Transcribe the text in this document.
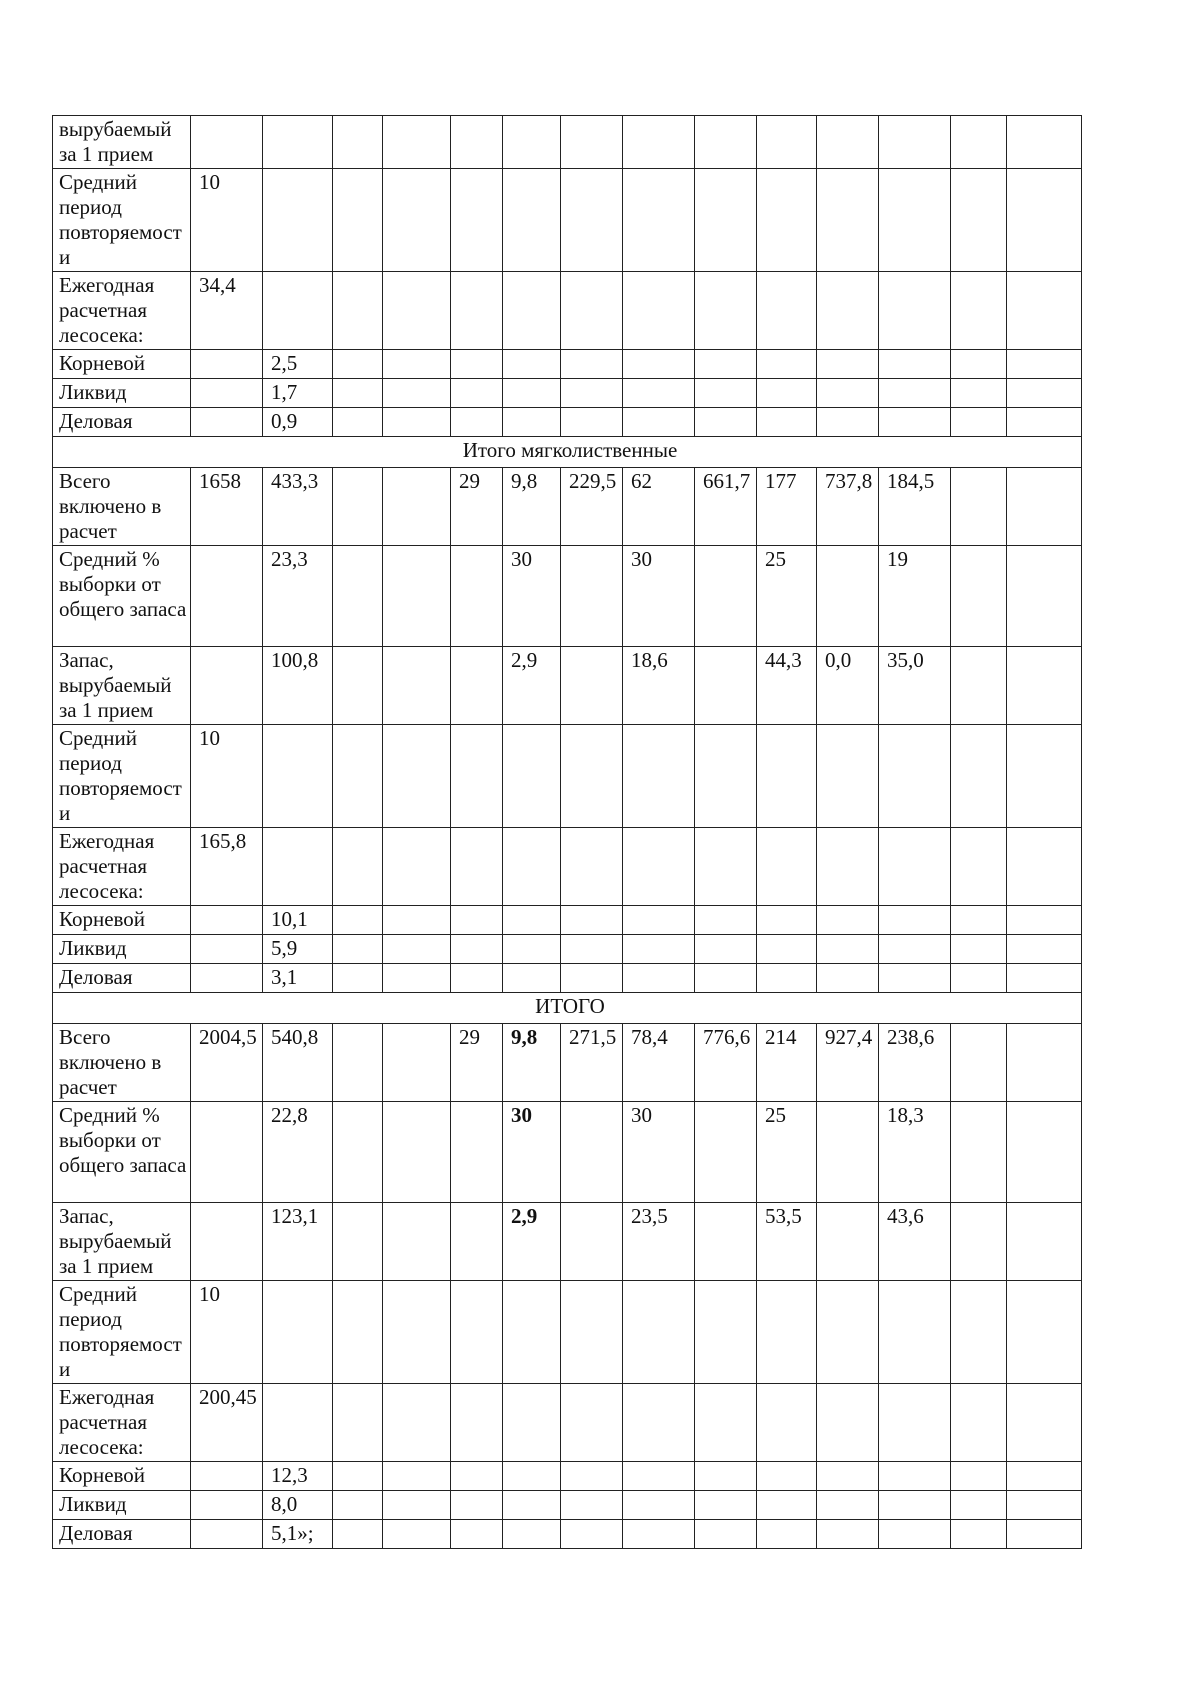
вырубаемый за 1 прием														
Средний период повторяемости	10													
Ежегодная расчетная лесосека:	34,4													
Корневой		2,5												
Ликвид		1,7												
Деловая		0,9												
Итого мягколиственные														
Всего включено в расчет	1658	433,3			29	9,8	229,5	62	661,7	177	737,8	184,5		
Средний % выборки от общего запаса		23,3				30		30		25		19		
Запас, вырубаемый за 1 прием		100,8				2,9		18,6		44,3	0,0	35,0		
Средний период повторяемости	10													
Ежегодная расчетная лесосека:	165,8													
Корневой		10,1												
Ликвид		5,9												
Деловая		3,1												
ИТОГО														
Всего включено в расчет	2004,5	540,8			29	9,8	271,5	78,4	776,6	214	927,4	238,6		
Средний % выборки от общего запаса		22,8				30		30		25		18,3		
Запас, вырубаемый за 1 прием		123,1				2,9		23,5		53,5		43,6		
Средний период повторяемости	10													
Ежегодная расчетная лесосека:	200,45													
Корневой		12,3												
Ликвид		8,0												
Деловая		5,1»;												
